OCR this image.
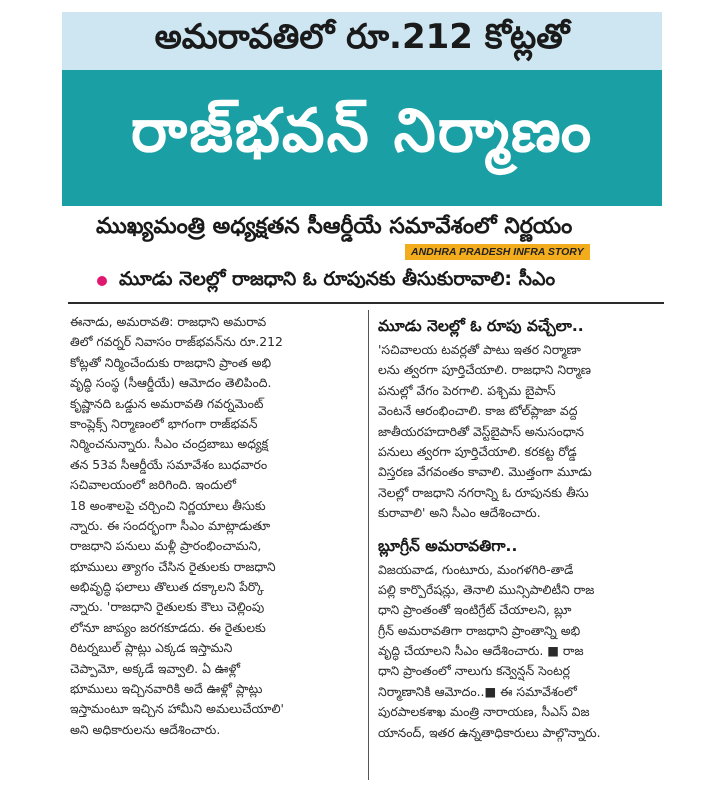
అమరావతిలో రూ.212 కోట్లతో
రాజ్‌భవన్ నిర్మాణం
ముఖ్యమంత్రి అధ్యక్షతన సీఆర్డీయే సమావేశంలో నిర్ణయం
ANDHRA PRADESH INFRA STORY
మూడు నెలల్లో రాజధాని ఓ రూపునకు తీసుకురావాలి: సీఎం
ఈనాడు, అమరావతి: రాజధాని అమరావ
తిలో గవర్నర్ నివాసం రాజ్‌భవన్‌ను రూ.212
కోట్లతో నిర్మించేందుకు రాజధాని ప్రాంత అభి
వృద్ధి సంస్థ (సీఆర్డీయే) ఆమోదం తెలిపింది.
కృష్ణానది ఒడ్డున అమరావతి గవర్నమెంట్
కాంప్లెక్స్ నిర్మాణంలో భాగంగా రాజ్‌భవన్
నిర్మించనున్నారు. సీఎం చంద్రబాబు అధ్యక్ష
తన 53వ సీఆర్డీయే సమావేశం బుధవారం
సచివాలయంలో జరిగింది. ఇందులో
18 అంశాలపై చర్చించి నిర్ణయాలు తీసుకు
న్నారు. ఈ సందర్భంగా సీఎం మాట్లాడుతూ
రాజధాని పనులు మళ్లీ ప్రారంభించామని,
భూములు త్యాగం చేసిన రైతులకు రాజధాని
అభివృద్ధి ఫలాలు తొలుత దక్కాలని పేర్కొ
న్నారు. 'రాజధాని రైతులకు కౌలు చెల్లింపు
లోనూ జాప్యం జరగకూడదు. ఈ రైతులకు
రిటర్నబుల్ ప్లాట్లు ఎక్కడ ఇస్తామని
చెప్పామో, అక్కడే ఇవ్వాలి. ఏ ఊళ్లో
భూములు ఇచ్చినవారికి అదే ఊళ్లో ప్లాట్లు
ఇస్తామంటూ ఇచ్చిన హామీని అమలుచేయాలి'
అని అధికారులను ఆదేశించారు.
మూడు నెలల్లో ఓ రూపు వచ్చేలా..
'సచివాలయ టవర్లతో పాటు ఇతర నిర్మాణా
లను త్వరగా పూర్తిచేయాలి. రాజధాని నిర్మాణ
పనుల్లో వేగం పెరగాలి. పశ్చిమ బైపాస్
వెంటనే ఆరంభించాలి. కాజ టోల్‌ప్లాజా వద్ద
జాతీయరహదారితో వెస్ట్‌బైపాస్ అనుసంధాన
పనులు త్వరగా పూర్తిచేయాలి. కరకట్ట రోడ్డ
విస్తరణ వేగవంతం కావాలి. మొత్తంగా మూడు
నెలల్లో రాజధాని నగరాన్ని ఓ రూపునకు తీసు
కురావాలి' అని సీఎం ఆదేశించారు.
బ్లూగ్రీన్ అమరావతిగా..
విజయవాడ, గుంటూరు, మంగళగిరి-తాడే
పల్లి కార్పొరేషన్లు, తెనాలి మున్సిపాలిటీని రాజ
ధాని ప్రాంతంతో ఇంటిగ్రేట్ చేయాలని, బ్లూ
గ్రీన్ అమరావతిగా రాజధాని ప్రాంతాన్ని అభి
వృద్ధి చేయాలని సీఎం ఆదేశించారు. ■ రాజ
ధాని ప్రాంతంలో నాలుగు కన్వెన్షన్ సెంటర్ల
నిర్మాణానికి ఆమోదం..■ ఈ సమావేశంలో
పురపాలకశాఖ మంత్రి నారాయణ, సీఎస్ విజ
యానంద్, ఇతర ఉన్నతాధికారులు పాల్గొన్నారు.
